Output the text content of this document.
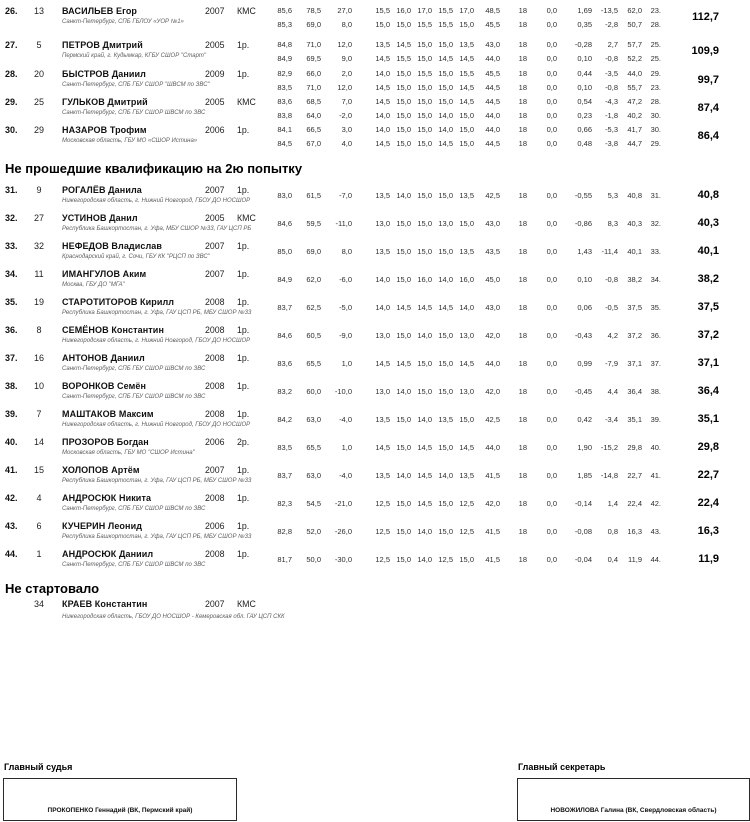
26.	13	ВАСИЛЬЕВ Егор	2007 КМС
Санкт-Петербург, СПБ ГБЛОУ «УОР №1»
85,6	78,5	27,0	15,5 16,0 17,0 15,5 17,0	48,5	18	0,0	1,69	-13,5	62,0	23.
85,3	69,0	8,0	15,0 15,0 15,5 15,5 15,0	45,5	18	0,0	0,35	-2,8	50,7	28.
112,7
27.	5	ПЕТРОВ Дмитрий	2005 1р.
Пермский край, г. Кудымкар, КГБУ СШОР "Старт"
84,8	71,0	12,0	13,5 14,5 15,0 15,0 13,5	43,0	18	0,0	-0,28	2,7	57,7	25.
84,9	69,5	9,0	14,5 15,5 15,0 14,5 14,5	44,0	18	0,0	0,10	-0,8	52,2	25.
109,9
28.	20	БЫСТРОВ Даниил	2009 1р.
Санкт-Петербург, СПБ ГБУ СШОР "ШВСМ по ЗВС"
82,9	66,0	2,0	14,0 15,0 15,5 15,0 15,5	45,5	18	0,0	0,44	-3,5	44,0	29.
83,5	71,0	12,0	14,5 15,0 15,0 15,0 14,5	44,5	18	0,0	0,10	-0,8	55,7	23.
99,7
29.	25	ГУЛЬКОВ Дмитрий	2005 КМС
Санкт-Петербург, СПБ ГБУ СШОР ШВСМ по ЗВС
83,6	68,5	7,0	14,5 15,0 15,0 15,0 14,5	44,5	18	0,0	0,54	-4,3	47,2	28.
83,8	64,0	-2,0	14,0 15,0 15,0 14,0 15,0	44,0	18	0,0	0,23	-1,8	40,2	30.
87,4
30.	29	НАЗАРОВ Трофим	2006 1р.
Московская область, ГБУ МО «СШОР Истина»
84,1	66,5	3,0	14,0 15,0 15,0 14,0 15,0	44,0	18	0,0	0,66	-5,3	41,7	30.
84,5	67,0	4,0	14,5 15,0 15,0 14,5 15,0	44,5	18	0,0	0,48	-3,8	44,7	29.
86,4
31.	9	РОГАЛЁВ Данила	2007 1р.
Нижегородская область, г. Нижний Новгород, ГБОУ ДО НОСШОР
83,0	61,5	-7,0	13,5 14,0 15,0 15,0 13,5	42,5	18	0,0	-0,55	5,3	40,8	31.	40,8
32.	27	УСТИНОВ Данил	2005 КМС
Республика Башкортостан, г. Уфа, МБУ СШОР №33, ГАУ ЦСП РБ
84,6	59,5	-11,0	13,0 15,0 15,0 13,0 15,0	43,0	18	0,0	-0,86	8,3	40,3	32.	40,3
33.	32	НЕФЕДОВ Владислав	2007 1р.
Краснодарский край, г. Сочи, ГБУ КК "РЦСП по ЗВС"
85,0	69,0	8,0	13,5 15,0 15,0 15,0 13,5	43,5	18	0,0	1,43	-11,4	40,1	33.	40,1
34.	11	ИМАНГУЛОВ Аким	2007 1р.
Москва, ГБУ ДО "МГА"
84,9	62,0	-6,0	14,0 15,0 16,0 14,0 16,0	45,0	18	0,0	0,10	-0,8	38,2	34.	38,2
35.	19	СТАРОТИТОРОВ Кирилл	2008 1р.
Республика Башкортостан, г. Уфа, ГАУ ЦСП РБ, МБУ СШОР №33
83,7	62,5	-5,0	14,0 14,5 14,5 14,5 14,0	43,0	18	0,0	0,06	-0,5	37,5	35.	37,5
36.	8	СЕМЁНОВ Константин	2008 1р.
Нижегородская область, г. Нижний Новгород, ГБОУ ДО НОСШОР
84,6	60,5	-9,0	13,0 15,0 14,0 15,0 13,0	42,0	18	0,0	-0,43	4,2	37,2	36.	37,2
37.	16	АНТОНОВ Даниил	2008 1р.
Санкт-Петербург, СПБ ГБУ СШОР ШВСМ по ЗВС
83,6	65,5	1,0	14,5 14,5 15,0 15,0 14,5	44,0	18	0,0	0,99	-7,9	37,1	37.	37,1
38.	10	ВОРОНКОВ Семён	2008 1р.
Санкт-Петербург, СПБ ГБУ СШОР ШВСМ по ЗВС
83,2	60,0	-10,0	13,0 14,0 15,0 15,0 13,0	42,0	18	0,0	-0,45	4,4	36,4	38.	36,4
39.	7	МАШТАКОВ Максим	2008 1р.
Нижегородская область, г. Нижний Новгород, ГБОУ ДО НОСШОР
84,2	63,0	-4,0	13,5 15,0 14,0 13,5 15,0	42,5	18	0,0	0,42	-3,4	35,1	39.	35,1
40.	14	ПРОЗОРОВ Богдан	2006 2р.
Московская область, ГБУ МО "СШОР Истина"
83,5	65,5	1,0	14,5 15,0 14,5 15,0 14,5	44,0	18	0,0	1,90	-15,2	29,8	40.	29,8
41.	15	ХОЛОПОВ Артём	2007 1р.
Республика Башкортостан, г. Уфа, ГАУ ЦСП РБ, МБУ СШОР №33
83,7	63,0	-4,0	13,5 14,0 14,5 14,0 13,5	41,5	18	0,0	1,85	-14,8	22,7	41.	22,7
42.	4	АНДРОСЮК Никита	2008 1р.
Санкт-Петербург, СПБ ГБУ СШОР ШВСМ по ЗВС
82,3	54,5	-21,0	12,5 15,0 14,5 15,0 12,5	42,0	18	0,0	-0,14	1,4	22,4	42.	22,4
43.	6	КУЧЕРИН Леонид	2006 1р.
Республика Башкортостан, г. Уфа, ГАУ ЦСП РБ, МБУ СШОР №33
82,8	52,0	-26,0	12,5 15,0 14,0 15,0 12,5	41,5	18	0,0	-0,08	0,8	16,3	43.	16,3
44.	1	АНДРОСЮК Даниил	2008 1р.
Санкт-Петербург, СПБ ГБУ СШОР ШВСМ по ЗВС
81,7	50,0	-30,0	12,5 15,0 14,0 12,5 15,0	41,5	18	0,0	-0,04	0,4	11,9	44.	11,9
Не прошедшие квалификацию на 2ю попытку
Не стартовало
34	КРАЕВ Константин	2007 КМС
Нижегородская область, ГБОУ ДО НОСШОР - Кемеровская обл. ГАУ ЦСП СКК
Главный судья
ПРОКОПЕНКО Геннадий (ВК, Пермский край)
Главный секретарь
НОВОЖИЛОВА Галина (ВК, Свердловская область)
